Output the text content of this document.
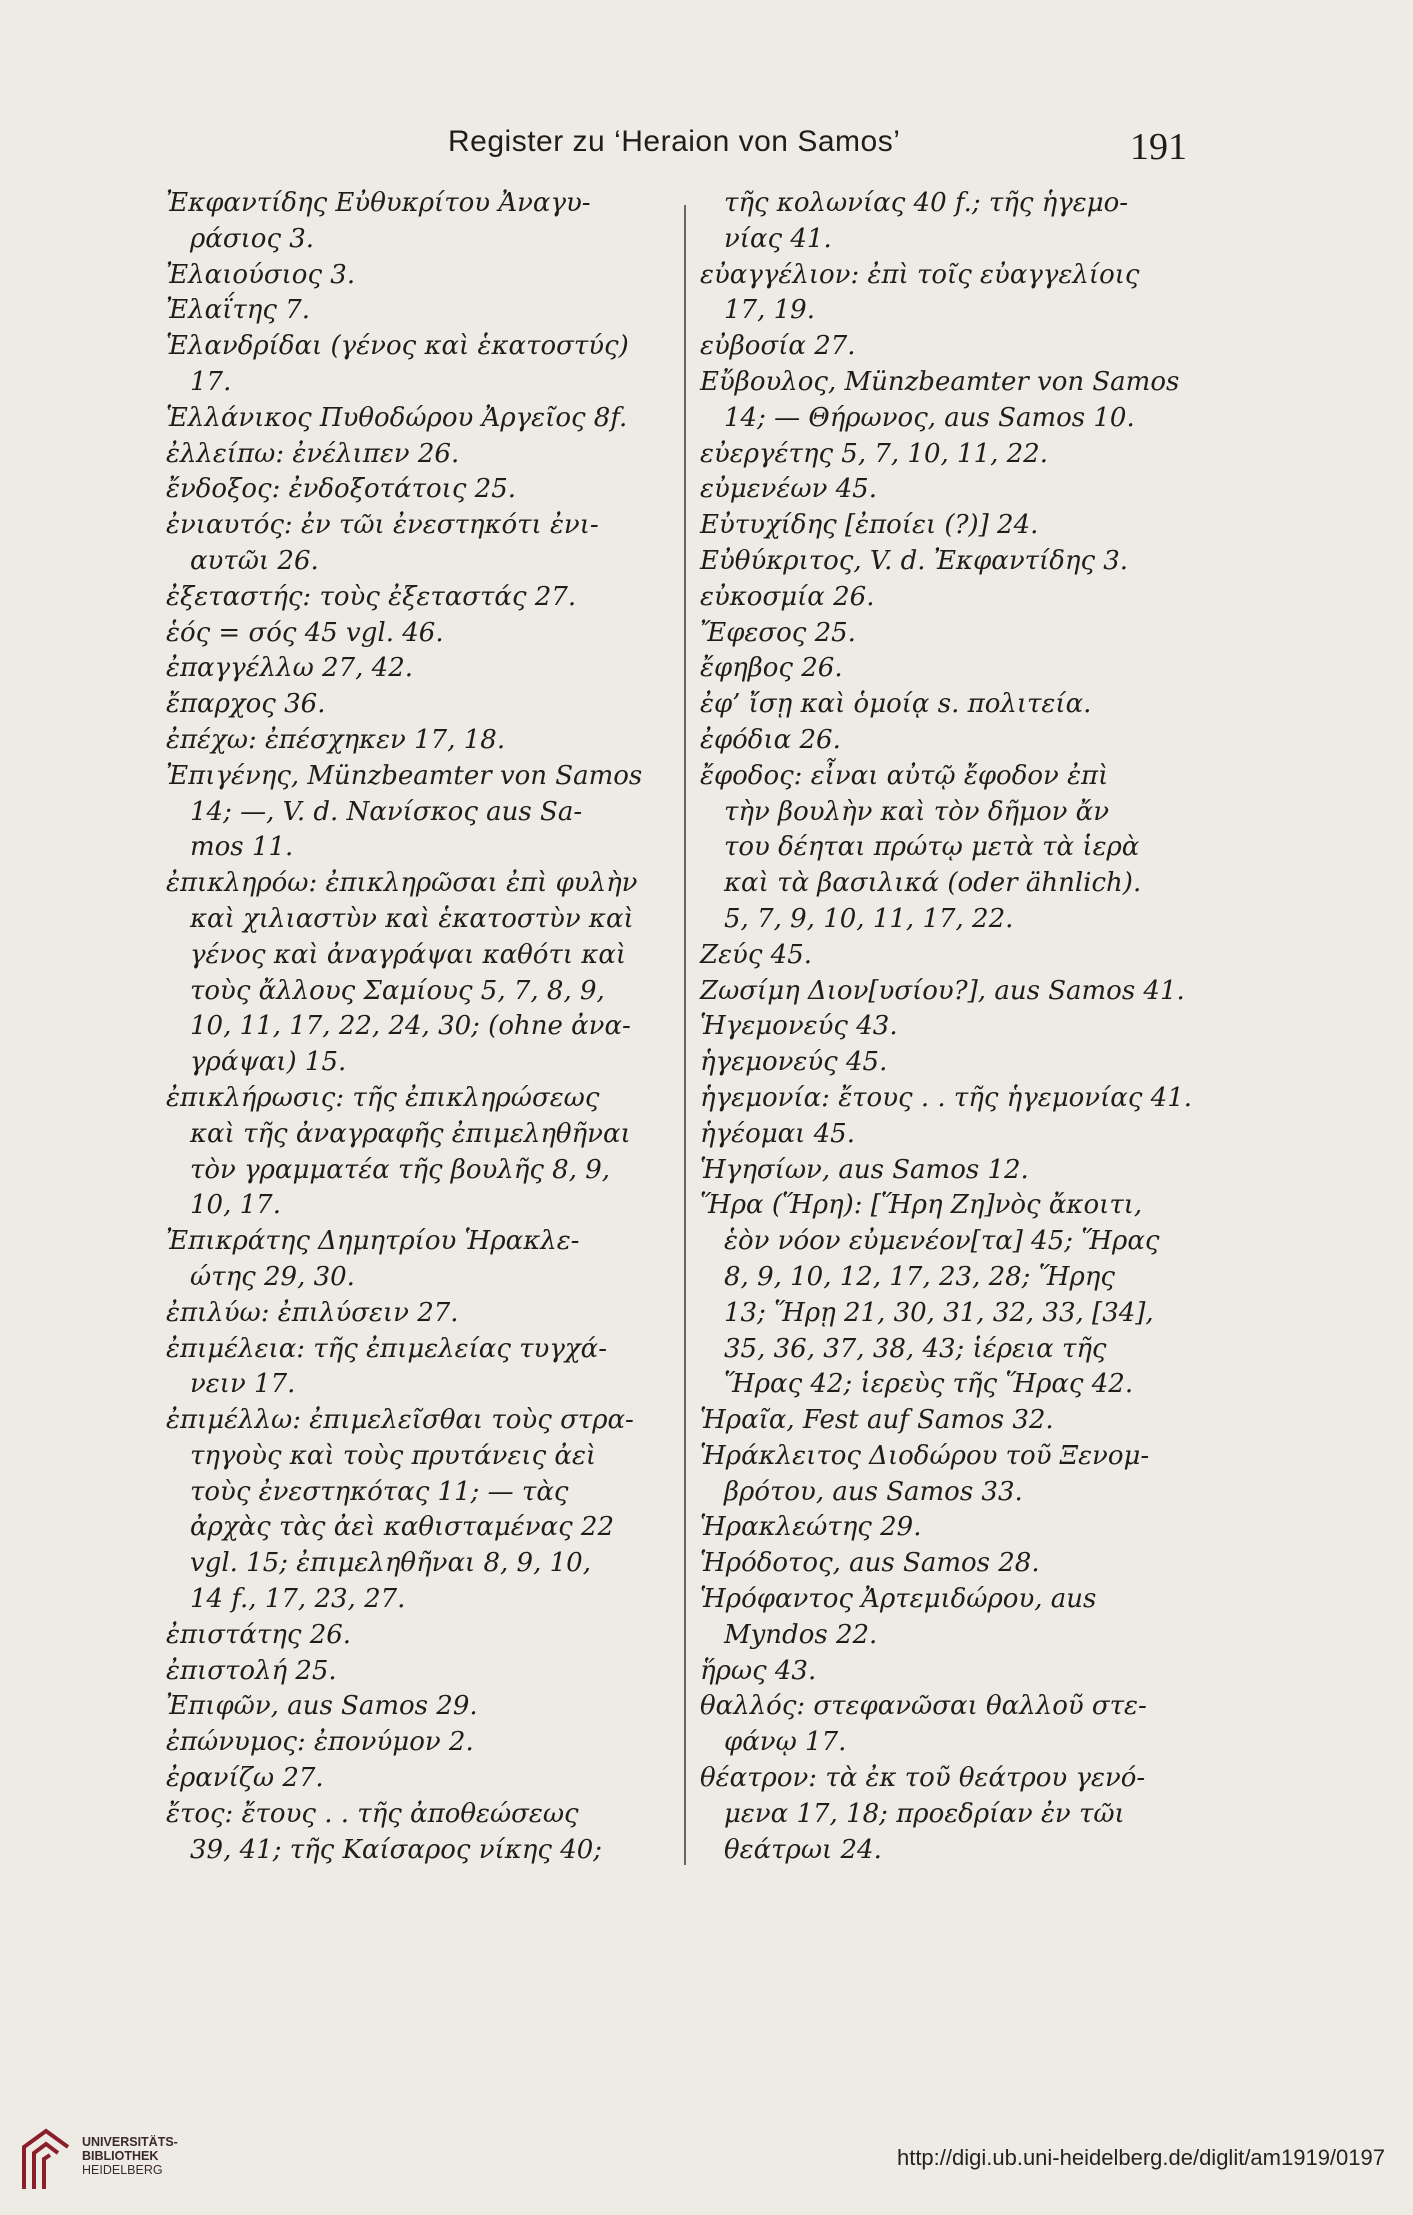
Register zu ‘Heraion von Samos’	191
Ἐκφαντίδης Εὐθυκρίτου Ἀναγυ-
ράσιος 3.
Ἐλαιούσιος 3.
Ἐλαΐτης 7.
Ἑλανδρίδαι (γένος καὶ ἑκατοστύς)
17.
Ἑλλάνικος Πυθοδώρου Ἀργεῖος 8f.
ἐλλείπω: ἐνέλιπεν 26.
ἔνδοξος: ἐνδοξοτάτοις 25.
ἐνιαυτός: ἐν τῶι ἐνεστηκότι ἐνι-
αυτῶι 26.
ἐξεταστής: τοὺς ἐξεταστάς 27.
ἑός = σός 45 vgl. 46.
ἐπαγγέλλω 27, 42.
ἔπαρχος 36.
ἐπέχω: ἐπέσχηκεν 17, 18.
Ἐπιγένης, Münzbeamter von Samos
14; —, V. d. Νανίσκος aus Sa-
mos 11.
ἐπικληρόω: ἐπικληρῶσαι ἐπὶ φυλὴν
καὶ χιλιαστὺν καὶ ἑκατοστὺν καὶ
γένος καὶ ἀναγράψαι καθότι καὶ
τοὺς ἄλλους Σαμίους 5, 7, 8, 9,
10, 11, 17, 22, 24, 30; (ohne ἀνα-
γράψαι) 15.
ἐπικλήρωσις: τῆς ἐπικληρώσεως
καὶ τῆς ἀναγραφῆς ἐπιμεληθῆναι
τὸν γραμματέα τῆς βουλῆς 8, 9,
10, 17.
Ἐπικράτης Δημητρίου Ἡρακλε-
ώτης 29, 30.
ἐπιλύω: ἐπιλύσειν 27.
ἐπιμέλεια: τῆς ἐπιμελείας τυγχά-
νειν 17.
ἐπιμέλλω: ἐπιμελεῖσθαι τοὺς στρα-
τηγοὺς καὶ τοὺς πρυτάνεις ἀεὶ
τοὺς ἐνεστηκότας 11; — τὰς
ἀρχὰς τὰς ἀεὶ καθισταμένας 22
vgl. 15; ἐπιμεληθῆναι 8, 9, 10,
14 f., 17, 23, 27.
ἐπιστάτης 26.
ἐπιστολή 25.
Ἐπιφῶν, aus Samos 29.
ἐπώνυμος: ἐπονύμον 2.
ἐρανίζω 27.
ἔτος: ἔτους . . τῆς ἀποθεώσεως
39, 41; τῆς Καίσαρος νίκης 40;
τῆς κολωνίας 40 f.; τῆς ἡγεμο-
νίας 41.
εὐαγγέλιον: ἐπὶ τοῖς εὐαγγελίοις
17, 19.
εὐβοσία 27.
Εὔβουλος, Münzbeamter von Samos
14; — Θήρωνος, aus Samos 10.
εὐεργέτης 5, 7, 10, 11, 22.
εὐμενέων 45.
Εὐτυχίδης [ἐποίει (?)] 24.
Εὐθύκριτος, V. d. Ἐκφαντίδης 3.
εὐκοσμία 26.
Ἔφεσος 25.
ἔφηβος 26.
ἐφ’ ἴσῃ καὶ ὁμοίᾳ s. πολιτεία.
ἐφόδια 26.
ἔφοδος: εἶναι αὐτῷ ἔφοδον ἐπὶ
τὴν βουλὴν καὶ τὸν δῆμον ἄν
του δέηται πρώτῳ μετὰ τὰ ἱερὰ
καὶ τὰ βασιλικά (oder ähnlich).
5, 7, 9, 10, 11, 17, 22.
Ζεύς 45.
Ζωσίμη Διον[υσίου?], aus Samos 41.
Ἡγεμονεύς 43.
ἡγεμονεύς 45.
ἡγεμονία: ἔτους . . τῆς ἡγεμονίας 41.
ἡγέομαι 45.
Ἡγησίων, aus Samos 12.
Ἥρα (Ἥρη): [Ἥρη Ζη]νὸς ἄκοιτι,
ἑὸν νόον εὐμενέον[τα] 45; Ἥρας
8, 9, 10, 12, 17, 23, 28; Ἥρης
13; Ἥρῃ 21, 30, 31, 32, 33, [34],
35, 36, 37, 38, 43; ἱέρεια τῆς
Ἥρας 42; ἱερεὺς τῆς Ἥρας 42.
Ἡραῖα, Fest auf Samos 32.
Ἡράκλειτος Διοδώρου τοῦ Ξενομ-
βρότου, aus Samos 33.
Ἡρακλεώτης 29.
Ἡρόδοτος, aus Samos 28.
Ἡρόφαντος Ἀρτεμιδώρου, aus
Myndos 22.
ἥρως 43.
θαλλός: στεφανῶσαι θαλλοῦ στε-
φάνῳ 17.
θέατρον: τὰ ἐκ τοῦ θεάτρου γενό-
μενα 17, 18; προεδρίαν ἐν τῶι
θεάτρωι 24.
UNIVERSITÄTS-
BIBLIOTHEK
HEIDELBERG	http://digi.ub.uni-heidelberg.de/diglit/am1919/0197
